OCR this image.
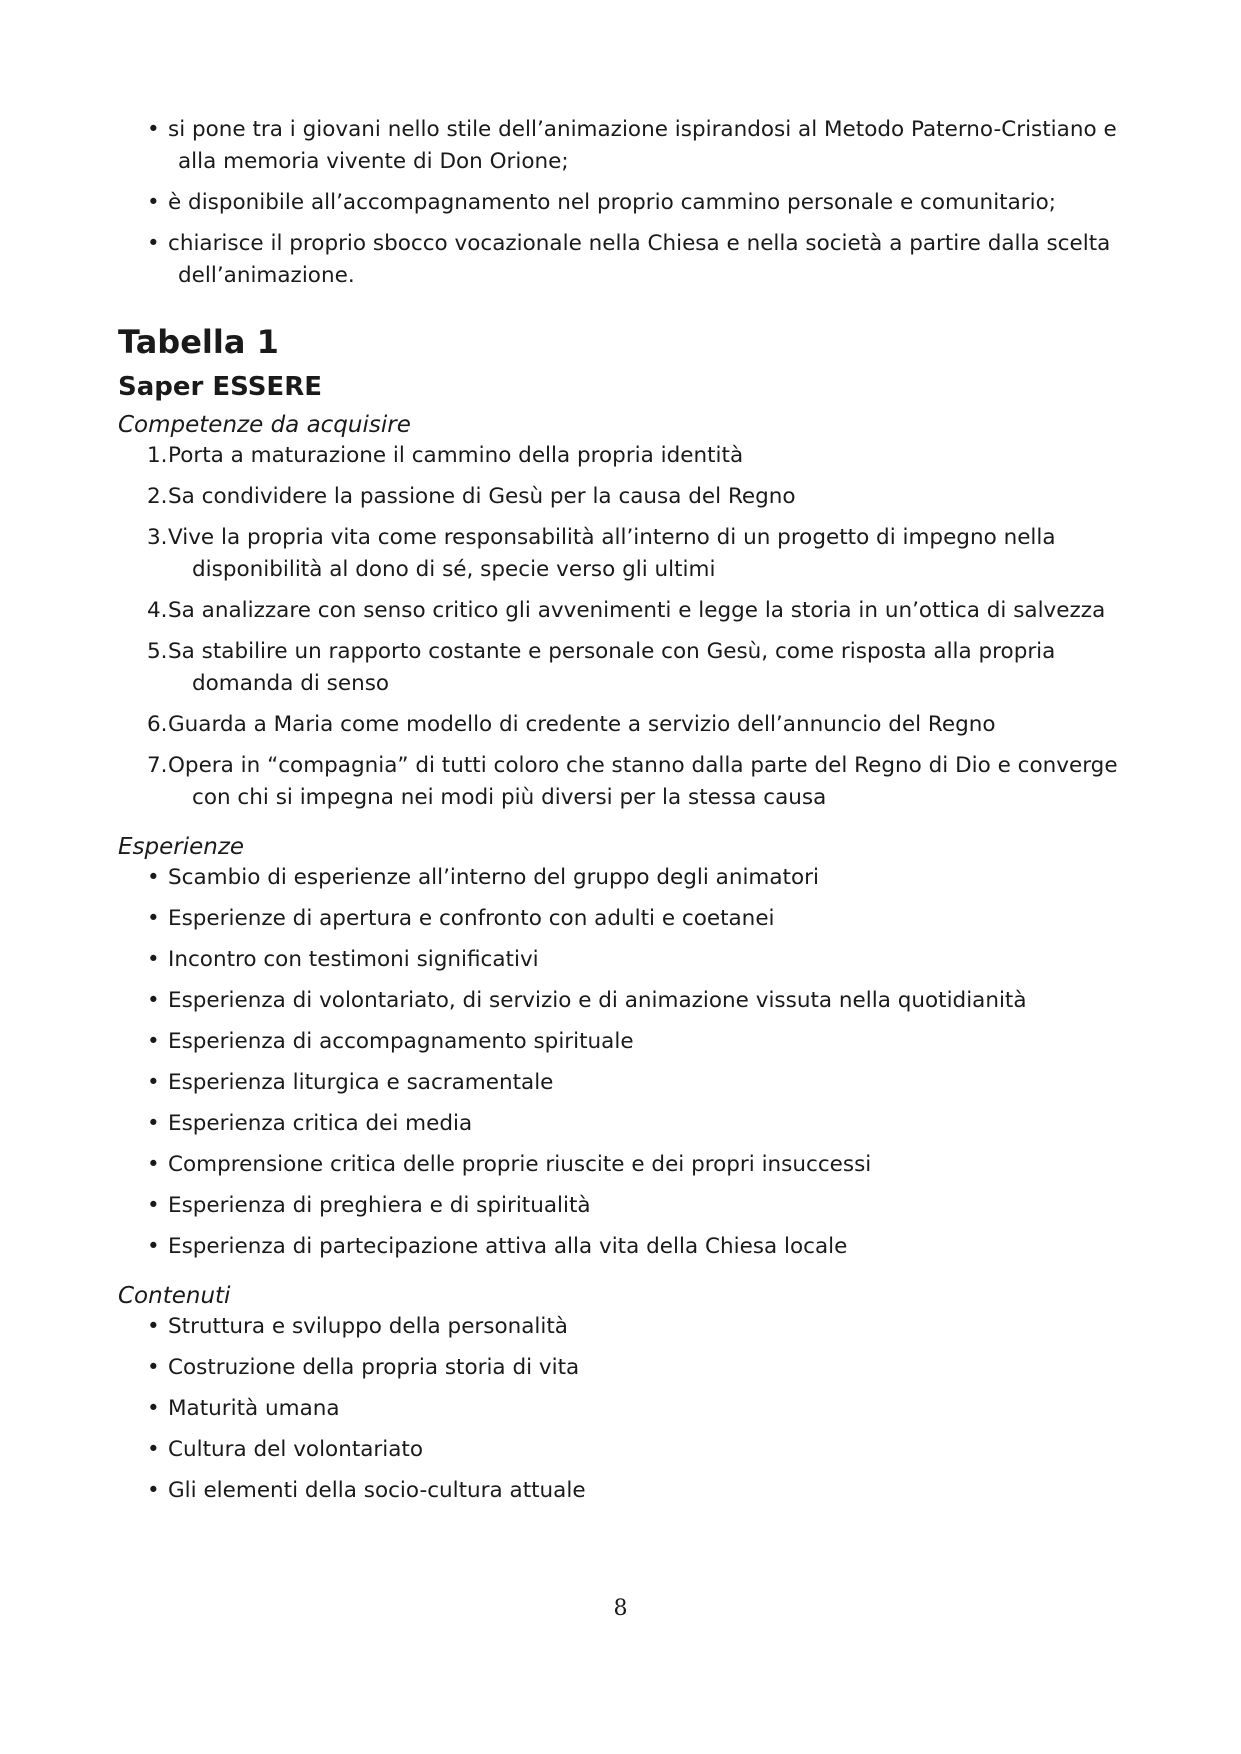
• si pone tra i giovani nello stile dell’animazione ispirandosi al Metodo Paterno-Cristiano e alla memoria vivente di Don Orione;
• è disponibile all’accompagnamento nel proprio cammino personale e comunitario;
• chiarisce il proprio sbocco vocazionale nella Chiesa e nella società a partire dalla scelta dell’animazione.
Tabella 1
Saper ESSERE
Competenze da acquisire
1. Porta a maturazione il cammino della propria identità
2. Sa condividere la passione di Gesù per la causa del Regno
3. Vive la propria vita come responsabilità all’interno di un progetto di impegno nella disponibilità al dono di sé, specie verso gli ultimi
4. Sa analizzare con senso critico gli avvenimenti e legge la storia in un’ottica di salvezza
5. Sa stabilire un rapporto costante e personale con Gesù, come risposta alla propria domanda di senso
6. Guarda a Maria come modello di credente a servizio dell’annuncio del Regno
7. Opera in “compagnia” di tutti coloro che stanno dalla parte del Regno di Dio e converge con chi si impegna nei modi più diversi per la stessa causa
Esperienze
• Scambio di esperienze all’interno del gruppo degli animatori
• Esperienze di apertura e confronto con adulti e coetanei
• Incontro con testimoni significativi
• Esperienza di volontariato, di servizio e di animazione vissuta nella quotidianità
• Esperienza di accompagnamento spirituale
• Esperienza liturgica e sacramentale
• Esperienza critica dei media
• Comprensione critica delle proprie riuscite e dei propri insuccessi
• Esperienza di preghiera e di spiritualità
• Esperienza di partecipazione attiva alla vita della Chiesa locale
Contenuti
• Struttura e sviluppo della personalità
• Costruzione della propria storia di vita
• Maturità umana
• Cultura del volontariato
• Gli elementi della socio-cultura attuale
8
